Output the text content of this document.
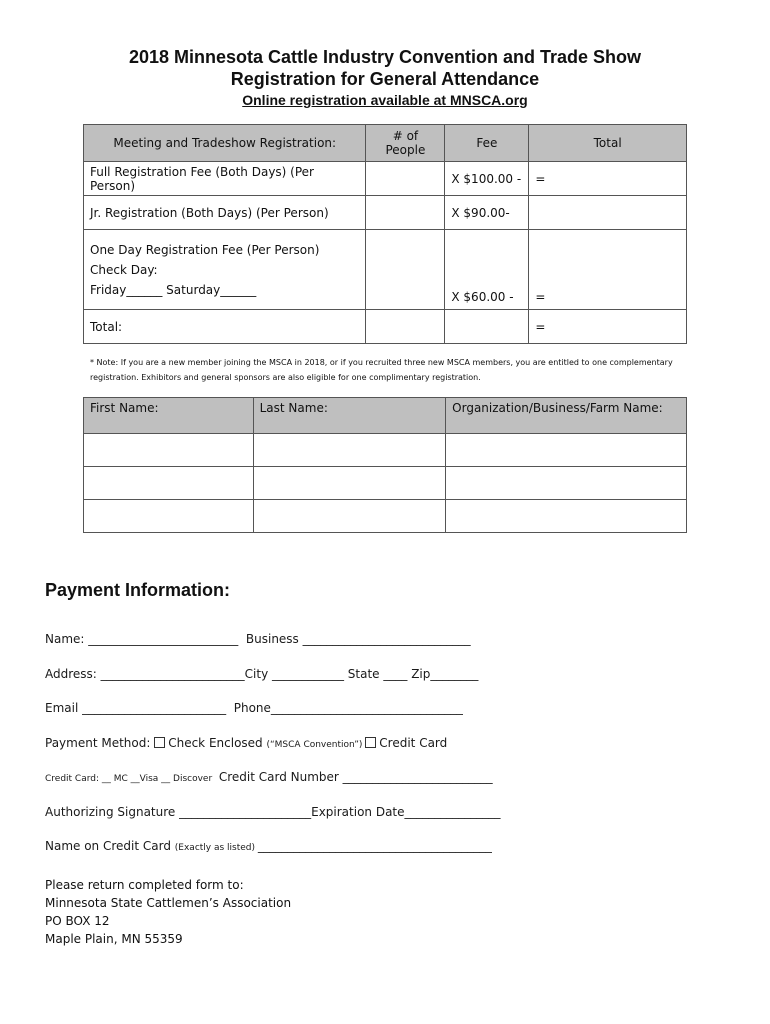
2018 Minnesota Cattle Industry Convention and Trade Show
Registration for General Attendance
Online registration available at MNSCA.org
Meeting and Tradeshow Registration:	# of People	Fee	Total
Full Registration Fee (Both Days) (Per Person)		X $100.00 -	=
Jr. Registration (Both Days) (Per Person)		X $90.00-	

One Day Registration Fee (Per Person)
Check Day:
Friday______ Saturday______		X $60.00 -	=
Total:			=
* Note: If you are a new member joining the MSCA in 2018, or if you recruited three new MSCA members, you are entitled to one complementary registration. Exhibitors and general sponsors are also eligible for one complimentary registration.
First Name:	Last Name:	Organization/Business/Farm Name:

Payment Information:
Name: _________________________  Business ____________________________
Address: ________________________City ____________ State ____ Zip________
Email ________________________  Phone________________________________
Payment Method: Check Enclosed (“MSCA Convention”) Credit Card
Credit Card: __ MC __Visa __ Discover  Credit Card Number _________________________
Authorizing Signature ______________________Expiration Date________________
Name on Credit Card (Exactly as listed) _______________________________________
Please return completed form to:
Minnesota State Cattlemen’s Association
PO BOX 12
Maple Plain, MN 55359
